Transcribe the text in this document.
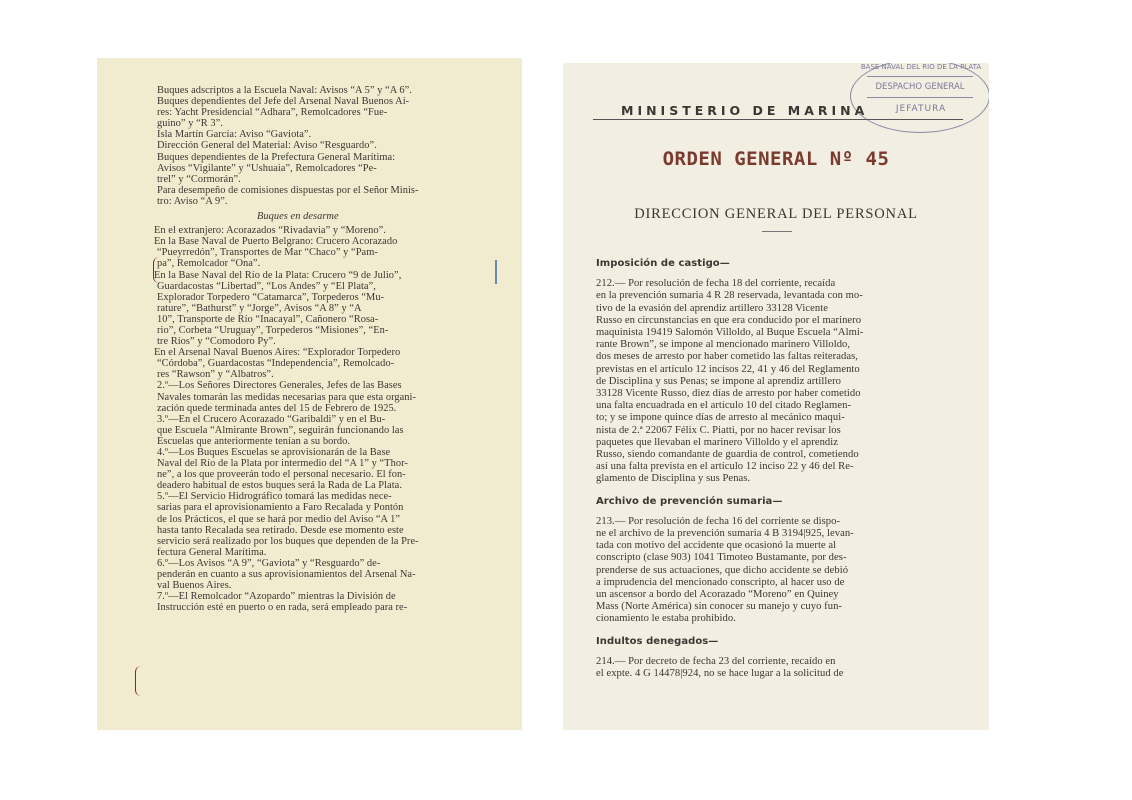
Buques adscriptos a la Escuela Naval: Avisos “A 5” y “A 6”.

Buques dependientes del Jefe del Arsenal Naval Buenos Ai-

res: Yacht Presidencial “Adhara”, Remolcadores “Fue-

guino” y “R 3”.

Isla Martín García: Aviso “Gaviota”.

Dirección General del Material: Aviso “Resguardo”.

Buques dependientes de la Prefectura General Marítima:

Avisos “Vigilante” y “Ushuaia”, Remolcadores “Pe-

trel” y “Cormorán”.

Para desempeño de comisiones dispuestas por el Señor Minis-

tro: Aviso “A 9”.

Buques en desarme

En el extranjero: Acorazados “Rivadavia” y “Moreno”.

En la Base Naval de Puerto Belgrano: Crucero Acorazado

“Pueyrredón”, Transportes de Mar “Chaco” y “Pam-

pa”, Remolcador “Ona”.

En la Base Naval del Río de la Plata: Crucero “9 de Julio”,

Guardacostas “Libertad”, “Los Andes” y “El Plata”,

Explorador Torpedero “Catamarca”, Torpederos “Mu-

rature”, “Bathurst” y “Jorge”, Avisos “A 8” y “A

10”, Transporte de Río “Inacayal”, Cañonero “Rosa-

rio”, Corbeta “Uruguay”, Torpederos “Misiones”, “En-

tre Ríos” y “Comodoro Py”.

En el Arsenal Naval Buenos Aires: “Explorador Torpedero

“Córdoba”, Guardacostas “Independencia”, Remolcado-

res “Rawson” y “Albatros”.

2.º—Los Señores Directores Generales, Jefes de las Bases

Navales tomarán las medidas necesarias para que esta organi-

zación quede terminada antes del 15 de Febrero de 1925.

3.º—En el Crucero Acorazado “Garibaldi” y en el Bu-

que Escuela “Almirante Brown”, seguirán funcionando las

Escuelas que anteriormente tenían a su bordo.

4.º—Los Buques Escuelas se aprovisionarán de la Base

Naval del Río de la Plata por intermedio del “A 1” y “Thor-

ne”, a los que proveerán todo el personal necesario. El fon-

deadero habitual de estos buques será la Rada de La Plata.

5.º—El Servicio Hidrográfico tomará las medidas nece-

sarias para el aprovisionamiento a Faro Recalada y Pontón

de los Prácticos, el que se hará por medio del Aviso “A 1”

hasta tanto Recalada sea retirado. Desde ese momento este

servicio será realizado por los buques que dependen de la Pre-

fectura General Marítima.

6.º—Los Avisos “A 9”, “Gaviota” y “Resguardo” de-

penderán en cuanto a sus aprovisionamientos del Arsenal Na-

val Buenos Aires.

7.º—El Remolcador “Azopardo” mientras la División de

Instrucción esté en puerto o en rada, será empleado para re-

BASE NAVAL DEL RIO DE LA PLATA
DESPACHO GENERAL
JEFATURA
MINISTERIO DE MARINA
ORDEN GENERAL Nº 45
DIRECCION GENERAL DEL PERSONAL

Imposición de castigo—

212.— Por resolución de fecha 18 del corriente, recaída

en la prevención sumaria 4 R 28 reservada, levantada con mo-

tivo de la evasión del aprendiz artillero 33128 Vicente

Russo en circunstancias en que era conducido por el marinero

maquinista 19419 Salomón Villoldo, al Buque Escuela “Almi-

rante Brown”, se impone al mencionado marinero Villoldo,

dos meses de arresto por haber cometido las faltas reiteradas,

previstas en el artículo 12 incisos 22, 41 y 46 del Reglamento

de Disciplina y sus Penas; se impone al aprendiz artillero

33128 Vicente Russo, diez días de arresto por haber cometido

una falta encuadrada en el artículo 10 del citado Reglamen-

to; y se impone quince días de arresto al mecánico maqui-

nista de 2.ª 22067 Félix C. Piatti, por no hacer revisar los

paquetes que llevaban el marinero Villoldo y el aprendiz

Russo, siendo comandante de guardia de control, cometiendo

así una falta prevista en el artículo 12 inciso 22 y 46 del Re-

glamento de Disciplina y sus Penas.

Archivo de prevención sumaria—

213.— Por resolución de fecha 16 del corriente se dispo-

ne el archivo de la prevención sumaria 4 B 3194|925, levan-

tada con motivo del accidente que ocasionó la muerte al

conscripto (clase 903) 1041 Timoteo Bustamante, por des-

prenderse de sus actuaciones, que dicho accidente se debió

a imprudencia del mencionado conscripto, al hacer uso de

un ascensor a bordo del Acorazado “Moreno” en Quiney

Mass (Norte América) sin conocer su manejo y cuyo fun-

cionamiento le estaba prohibido.

Indultos denegados—

214.— Por decreto de fecha 23 del corriente, recaído en

el expte. 4 G 14478|924, no se hace lugar a la solicitud de
